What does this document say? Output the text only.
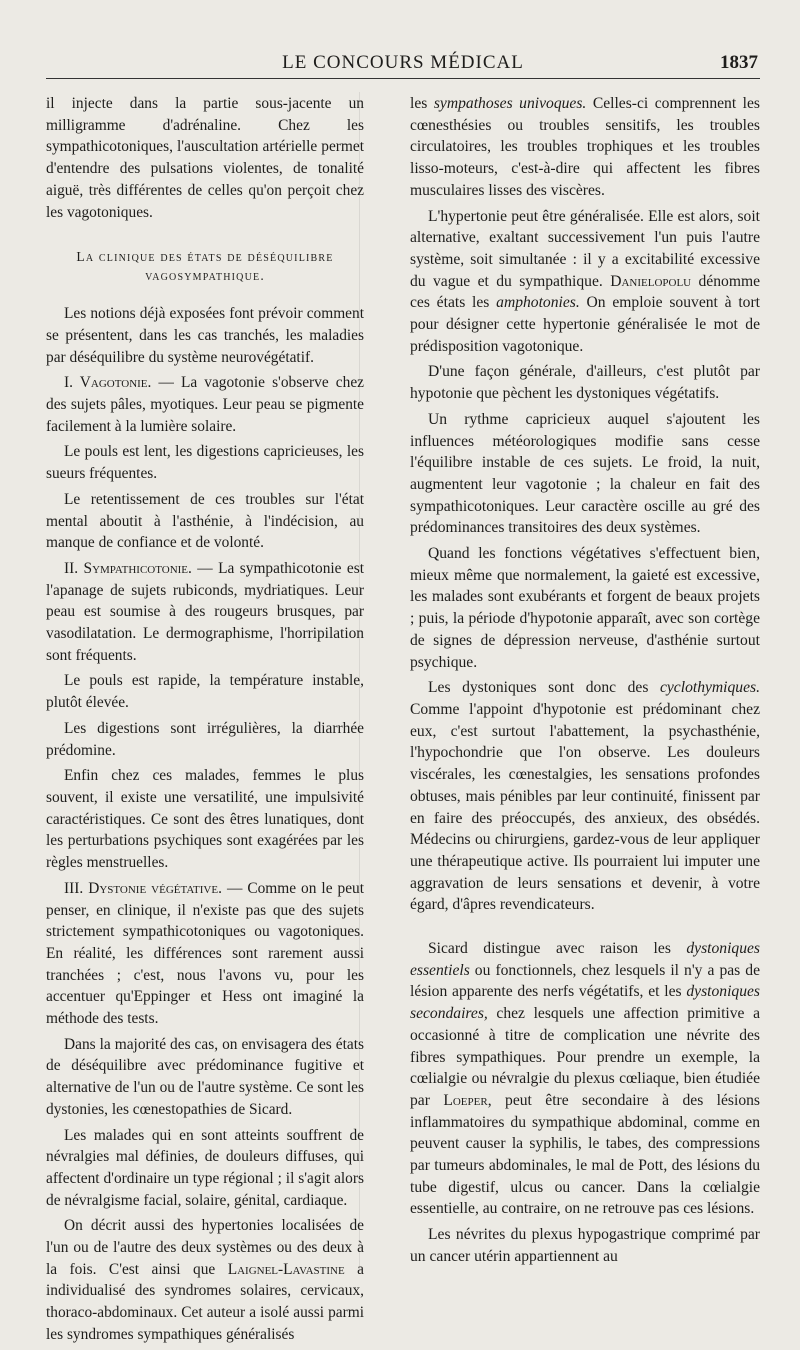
LE CONCOURS MÉDICAL	1837

il injecte dans la partie sous-jacente un milligramme d'adrénaline. Chez les sympathicotoniques, l'auscultation artérielle permet d'entendre des pulsations violentes, de tonalité aiguë, très différentes de celles qu'on perçoit chez les vagotoniques.

La clinique des états de déséquilibre
vagosympathique.

Les notions déjà exposées font prévoir comment se présentent, dans les cas tranchés, les maladies par déséquilibre du système neurovégétatif.

I. Vagotonie. — La vagotonie s'observe chez des sujets pâles, myotiques. Leur peau se pigmente facilement à la lumière solaire.

Le pouls est lent, les digestions capricieuses, les sueurs fréquentes.

Le retentissement de ces troubles sur l'état mental aboutit à l'asthénie, à l'indécision, au manque de confiance et de volonté.

II. Sympathicotonie. — La sympathicotonie est l'apanage de sujets rubiconds, mydriatiques. Leur peau est soumise à des rougeurs brusques, par vasodilatation. Le dermographisme, l'horripilation sont fréquents.

Le pouls est rapide, la température instable, plutôt élevée.

Les digestions sont irrégulières, la diarrhée prédomine.

Enfin chez ces malades, femmes le plus souvent, il existe une versatilité, une impulsivité caractéristiques. Ce sont des êtres lunatiques, dont les perturbations psychiques sont exagérées par les règles menstruelles.

III. Dystonie végétative. — Comme on le peut penser, en clinique, il n'existe pas que des sujets strictement sympathicotoniques ou vagotoniques. En réalité, les différences sont rarement aussi tranchées ; c'est, nous l'avons vu, pour les accentuer qu'Eppinger et Hess ont imaginé la méthode des tests.

Dans la majorité des cas, on envisagera des états de déséquilibre avec prédominance fugitive et alternative de l'un ou de l'autre système. Ce sont les dystonies, les cœnestopathies de Sicard.

Les malades qui en sont atteints souffrent de névralgies mal définies, de douleurs diffuses, qui affectent d'ordinaire un type régional ; il s'agit alors de névralgisme facial, solaire, génital, cardiaque.

On décrit aussi des hypertonies localisées de l'un ou de l'autre des deux systèmes ou des deux à la fois. C'est ainsi que Laignel-Lavastine a individualisé des syndromes solaires, cervicaux, thoraco-abdominaux. Cet auteur a isolé aussi parmi les syndromes sympathiques généralisés

les sympathoses univoques. Celles-ci comprennent les cœnesthésies ou troubles sensitifs, les troubles circulatoires, les troubles trophiques et les troubles lisso-moteurs, c'est-à-dire qui affectent les fibres musculaires lisses des viscères.

L'hypertonie peut être généralisée. Elle est alors, soit alternative, exaltant successivement l'un puis l'autre système, soit simultanée : il y a excitabilité excessive du vague et du sympathique. Danielopolu dénomme ces états les amphotonies. On emploie souvent à tort pour désigner cette hypertonie généralisée le mot de prédisposition vagotonique.

D'une façon générale, d'ailleurs, c'est plutôt par hypotonie que pèchent les dystoniques végétatifs.

Un rythme capricieux auquel s'ajoutent les influences météorologiques modifie sans cesse l'équilibre instable de ces sujets. Le froid, la nuit, augmentent leur vagotonie ; la chaleur en fait des sympathicotoniques. Leur caractère oscille au gré des prédominances transitoires des deux systèmes.

Quand les fonctions végétatives s'effectuent bien, mieux même que normalement, la gaieté est excessive, les malades sont exubérants et forgent de beaux projets ; puis, la période d'hypotonie apparaît, avec son cortège de signes de dépression nerveuse, d'asthénie surtout psychique.

Les dystoniques sont donc des cyclothymiques. Comme l'appoint d'hypotonie est prédominant chez eux, c'est surtout l'abattement, la psychasthénie, l'hypochondrie que l'on observe. Les douleurs viscérales, les cœnestalgies, les sensations profondes obtuses, mais pénibles par leur continuité, finissent par en faire des préoccupés, des anxieux, des obsédés. Médecins ou chirurgiens, gardez-vous de leur appliquer une thérapeutique active. Ils pourraient lui imputer une aggravation de leurs sensations et devenir, à votre égard, d'âpres revendicateurs.

Sicard distingue avec raison les dystoniques essentiels ou fonctionnels, chez lesquels il n'y a pas de lésion apparente des nerfs végétatifs, et les dystoniques secondaires, chez lesquels une affection primitive a occasionné à titre de complication une névrite des fibres sympathiques. Pour prendre un exemple, la cœlialgie ou névralgie du plexus cœliaque, bien étudiée par Loeper, peut être secondaire à des lésions inflammatoires du sympathique abdominal, comme en peuvent causer la syphilis, le tabes, des compressions par tumeurs abdominales, le mal de Pott, des lésions du tube digestif, ulcus ou cancer. Dans la cœlialgie essentielle, au contraire, on ne retrouve pas ces lésions.

Les névrites du plexus hypogastrique comprimé par un cancer utérin appartiennent au
